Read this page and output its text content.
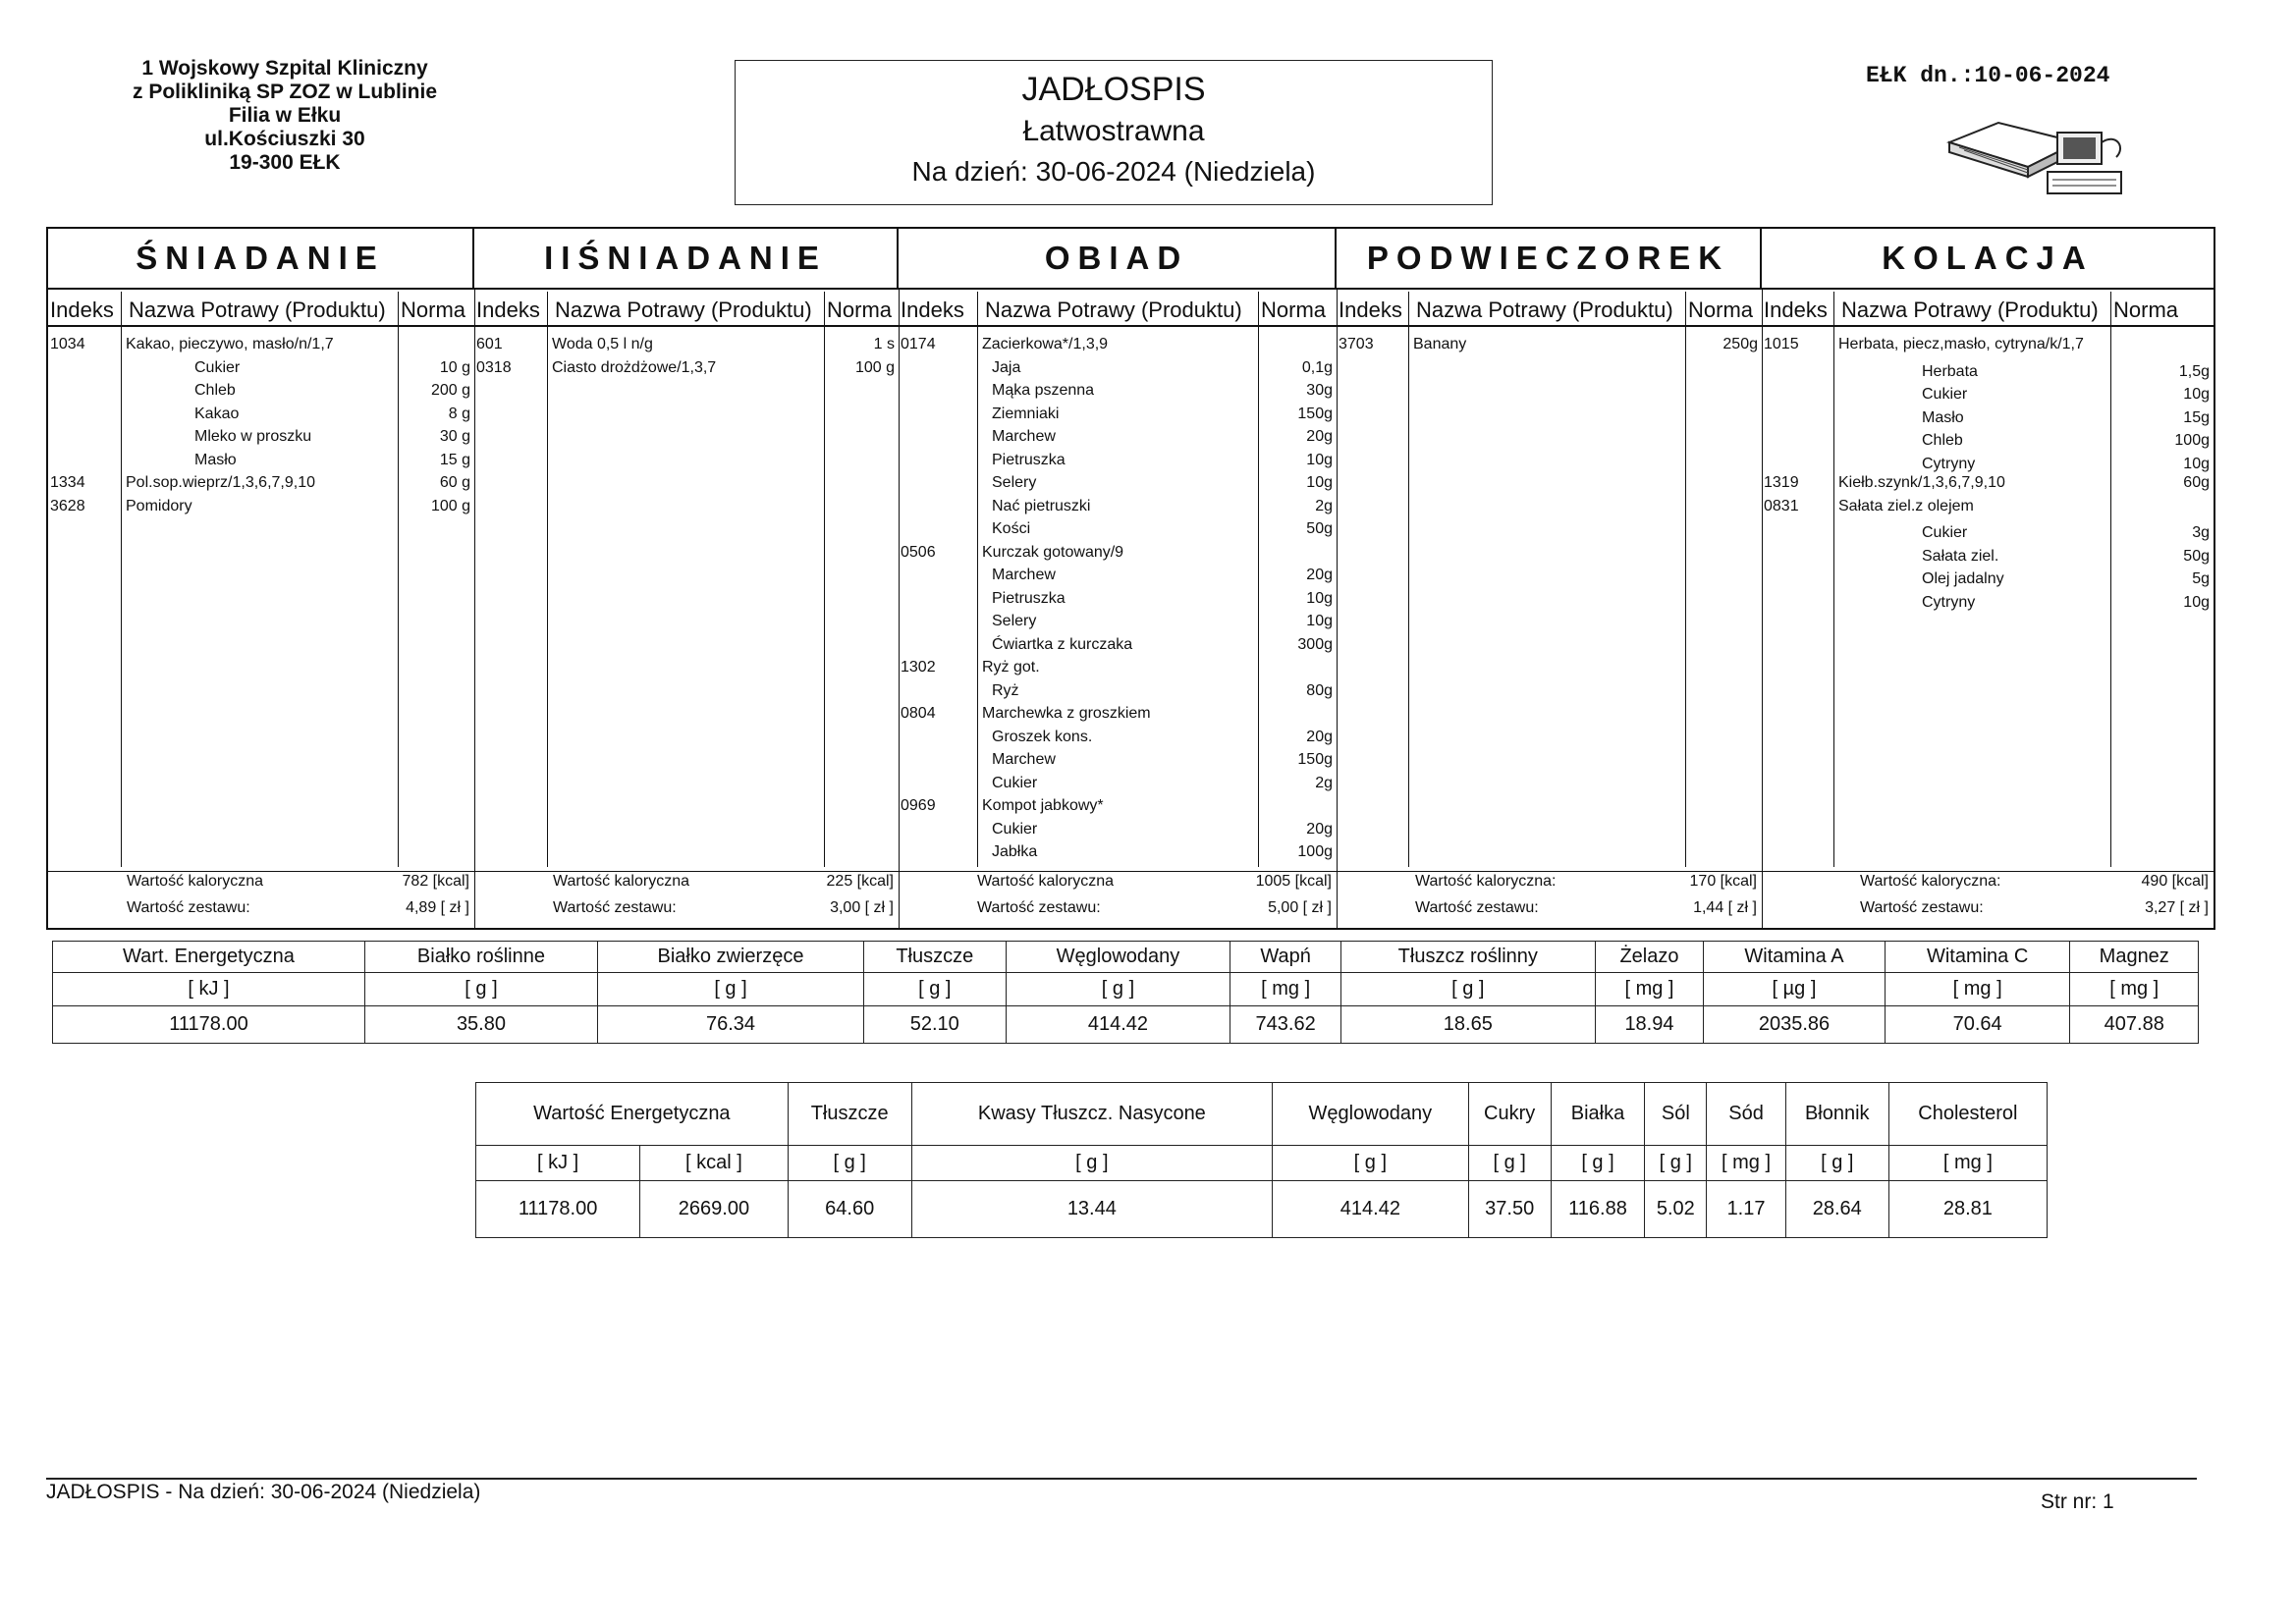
1 Wojskowy Szpital Kliniczny
z Polikliniką SP ZOZ w Lublinie
Filia w Ełku
ul.Kościuszki 30
19-300 EŁK
JADŁOSPIS
Łatwostrawna
Na dzień: 30-06-2024 (Niedziela)
EŁK dn.:10-06-2024
ŚNIADANIE
Indeks Nazwa Potrawy (Produktu) Norma
1034	Kakao, pieczywo, masło/n/1,7
Cukier	10 g
Chleb	200 g
Kakao	8 g
Mleko w proszku	30 g
Masło	15 g
1334	Pol.sop.wieprz/1,3,6,7,9,10	60 g
3628	Pomidory	100 g
Wartość kaloryczna	782 [kcal]
Wartość zestawu:	4,89 [ zł ]
IIŚNIADANIE
Indeks Nazwa Potrawy (Produktu) Norma
601	Woda 0,5 l n/g	1 s
0318	Ciasto drożdżowe/1,3,7	100 g
Wartość kaloryczna	225 [kcal]
Wartość zestawu:	3,00 [ zł ]
OBIAD
Indeks Nazwa Potrawy (Produktu) Norma
0174	Zacierkowa*/1,3,9
Jaja	0,1g
Mąka pszenna	30g
Ziemniaki	150g
Marchew	20g
Pietruszka	10g
Selery	10g
Nać pietruszki	2g
Kości	50g
0506	Kurczak gotowany/9
Marchew	20g
Pietruszka	10g
Selery	10g
Ćwiartka z kurczaka	300g
1302	Ryż got.
Ryż	80g
0804	Marchewka z groszkiem
Groszek kons.	20g
Marchew	150g
Cukier	2g
0969	Kompot jabkowy*
Cukier	20g
Jabłka	100g
Wartość kaloryczna	1005 [kcal]
Wartość zestawu:	5,00 [ zł ]
PODWIECZOREK
Indeks Nazwa Potrawy (Produktu) Norma
3703	Banany	250g
Wartość kaloryczna:	170 [kcal]
Wartość zestawu:	1,44 [ zł ]
KOLACJA
Indeks Nazwa Potrawy (Produktu) Norma
1015	Herbata, piecz,masło, cytryna/k/1,7
Herbata	1,5g
Cukier	10g
Masło	15g
Chleb	100g
Cytryny	10g
1319	Kiełb.szynk/1,3,6,7,9,10	60g
0831	Sałata ziel.z olejem
Cukier	3g
Sałata ziel.	50g
Olej jadalny	5g
Cytryny	10g
Wartość kaloryczna:	490 [kcal]
Wartość zestawu:	3,27 [ zł ]
Wart. Energetyczna	Białko roślinne	Białko zwierzęce	Tłuszcze	Węglowodany	Wapń	Tłuszcz roślinny	Żelazo	Witamina A	Witamina C	Magnez
[ kJ ]	[ g ]	[ g ]	[ g ]	[ g ]	[ mg ]	[ g ]	[ mg ]	[ µg ]	[ mg ]	[ mg ]
11178.00	35.80	76.34	52.10	414.42	743.62	18.65	18.94	2035.86	70.64	407.88
Wartość Energetyczna		Tłuszcze	Kwasy Tłuszcz. Nasycone	Węglowodany	Cukry	Białka	Sól	Sód	Błonnik	Cholesterol
[ kJ ]	[ kcal ]	[ g ]	[ g ]	[ g ]	[ g ]	[ g ]	[ g ]	[ mg ]	[ g ]	[ mg ]
11178.00	2669.00	64.60	13.44	414.42	37.50	116.88	5.02	1.17	28.64	28.81
JADŁOSPIS - Na dzień: 30-06-2024 (Niedziela)	Str nr: 1
